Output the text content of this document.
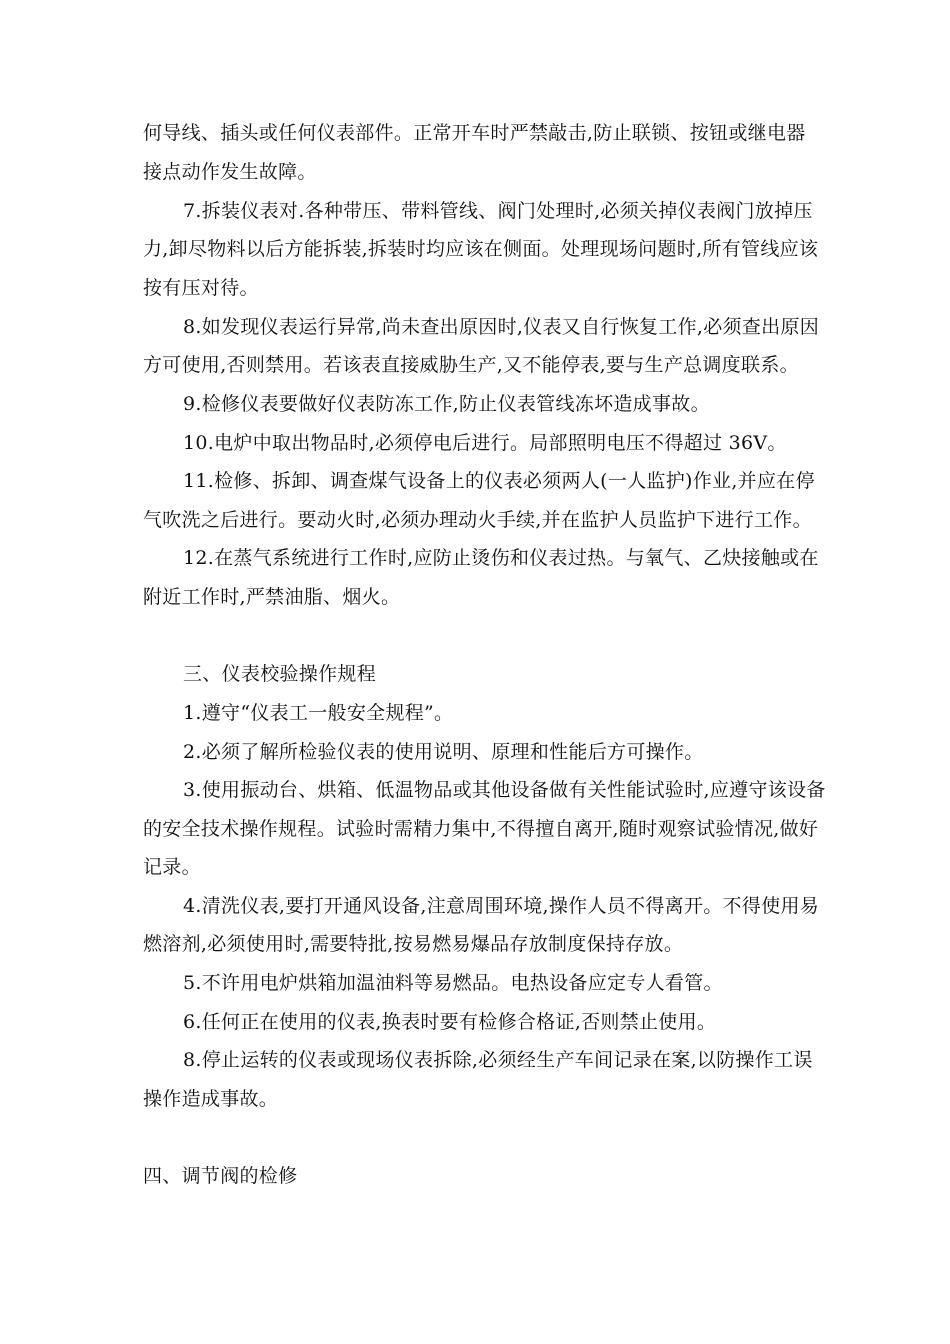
何导线、插头或任何仪表部件。正常开车时严禁敲击,防止联锁、按钮或继电器
接点动作发生故障。
7.拆装仪表对.各种带压、带料管线、阀门处理时,必须关掉仪表阀门放掉压
力,卸尽物料以后方能拆装,拆装时均应该在侧面。处理现场问题时,所有管线应该
按有压对待。
8.如发现仪表运行异常,尚未查出原因时,仪表又自行恢复工作,必须查出原因
方可使用,否则禁用。若该表直接威胁生产,又不能停表,要与生产总调度联系。
9.检修仪表要做好仪表防冻工作,防止仪表管线冻坏造成事故。
10.电炉中取出物品时,必须停电后进行。局部照明电压不得超过 36V。
11.检修、拆卸、调查煤气设备上的仪表必须两人(一人监护)作业,并应在停
气吹洗之后进行。要动火时,必须办理动火手续,并在监护人员监护下进行工作。
12.在蒸气系统进行工作时,应防止烫伤和仪表过热。与氧气、乙炔接触或在
附近工作时,严禁油脂、烟火。
三、仪表校验操作规程
1.遵守“仪表工一般安全规程”。
2.必须了解所检验仪表的使用说明、原理和性能后方可操作。
3.使用振动台、烘箱、低温物品或其他设备做有关性能试验时,应遵守该设备
的安全技术操作规程。试验时需精力集中,不得擅自离开,随时观察试验情况,做好
记录。
4.清洗仪表,要打开通风设备,注意周围环境,操作人员不得离开。不得使用易
燃溶剂,必须使用时,需要特批,按易燃易爆品存放制度保持存放。
5.不许用电炉烘箱加温油料等易燃品。电热设备应定专人看管。
6.任何正在使用的仪表,换表时要有检修合格证,否则禁止使用。
8.停止运转的仪表或现场仪表拆除,必须经生产车间记录在案,以防操作工误
操作造成事故。
四、调节阀的检修
